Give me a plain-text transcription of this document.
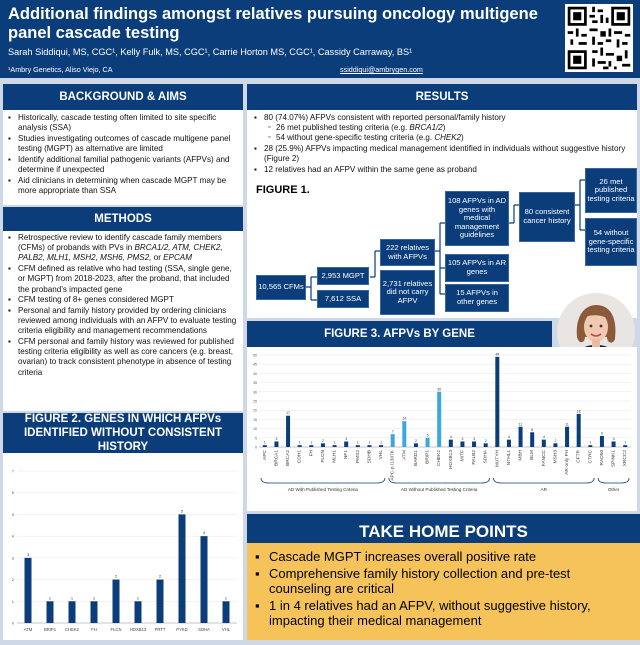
Additional findings amongst relatives pursuing oncology multigene panel cascade testing
Sarah Siddiqui, MS, CGC¹, Kelly Fulk, MS, CGC¹, Carrie Horton MS, CGC¹, Cassidy Carraway, BS¹
¹Ambry Genetics, Aliso Viejo, CA	ssiddiqui@ambrygen.com
BACKGROUND & AIMS
▪ Historically, cascade testing often limited to site specific analysis (SSA)
▪ Studies investigating outcomes of cascade multigene panel testing (MGPT) as alternative are limited
▪ Identify additional familial pathogenic variants (AFPVs) and determine if unexpected
▪ Aid clinicians in determining when cascade MGPT may be more appropriate than SSA
METHODS
▪ Retrospective review to identify cascade family members (CFMs) of probands with PVs in BRCA1/2, ATM, CHEK2, PALB2, MLH1, MSH2, MSH6, PMS2, or EPCAM
▪ CFM defined as relative who had testing (SSA, single gene, or MGPT) from 2018-2023, after the proband, that included the proband’s impacted gene
▪ CFM testing of 8+ genes considered MGPT
▪ Personal and family history provided by ordering clinicians reviewed among individuals with an AFPV to evaluate testing criteria eligibility and management recommendations
▪ CFM personal and family history was reviewed for published testing criteria eligibility as well as core cancers (e.g. breast, ovarian) to track consistent phenotype in absence of testing criteria
FIGURE 2. GENES IN WHICH AFPVs IDENTIFIED WITHOUT CONSISTENT HISTORY
0
1
2
3
4
5
6
7
3
ATM
1
BRIP1
1
CHEK2
1
FH
2
FLCN
1
HOXB13
2
PRTT
5
PYKD
4
SDHA
1
VHL
RESULTS
▪ 80 (74.07%) AFPVs consistent with reported personal/family history
▫ 26 met published testing criteria (e.g. BRCA1/2)
▫ 54 without gene-specific testing criteria (e.g. CHEK2)
▪ 28 (25.9%) AFPVs impacting medical management identified in individuals without suggestive history (Figure 2)
▪ 12 relatives had an AFPV within the same gene as proband
FIGURE 1.
10,565 CFMs
2,953 MGPT
7,612 SSA
222 relatives with AFPVs
2,731 relatives did not carry AFPV
108 AFPVs in AD genes with medical management guidelines
105 AFPVs in AR genes
15 AFPVs in other genes
80 consistent cancer history
26 met published testing criteria
54 without gene-specific testing criteria
FIGURE 3. AFPVs BY GENE
0
5
10
15
20
25
30
35
40
45
50
1
APC
3
BRCA1
17
BRCA2
1
CDH1
1
FH
2
FLCN
1
MLH1
3
NF1
1
PMS2
1
SDHB
1
VHL
7
APC-p.I1307K
14
ATM
2
BARD1
5
BRIP1
30
CHEK2
4
HOXB13
3
MITF
3
PALB2
2
SDHA
49
MUTYH
4
NTHL1
11
MBH
8
BLM
4
FANCC
2
MSH3
11
AR-only FH
18
CFTR
1
CTRC
6
RAD50
3
SPINK1
1
XRCC2
AD With Published Testing Criteria	AD Without Published Testing Criteria	AR	Other
TAKE HOME POINTS
▪ Cascade MGPT increases overall positive rate
▪ Comprehensive family history collection and pre-test counseling are critical
▪ 1 in 4 relatives had an AFPV, without suggestive history, impacting their medical management
